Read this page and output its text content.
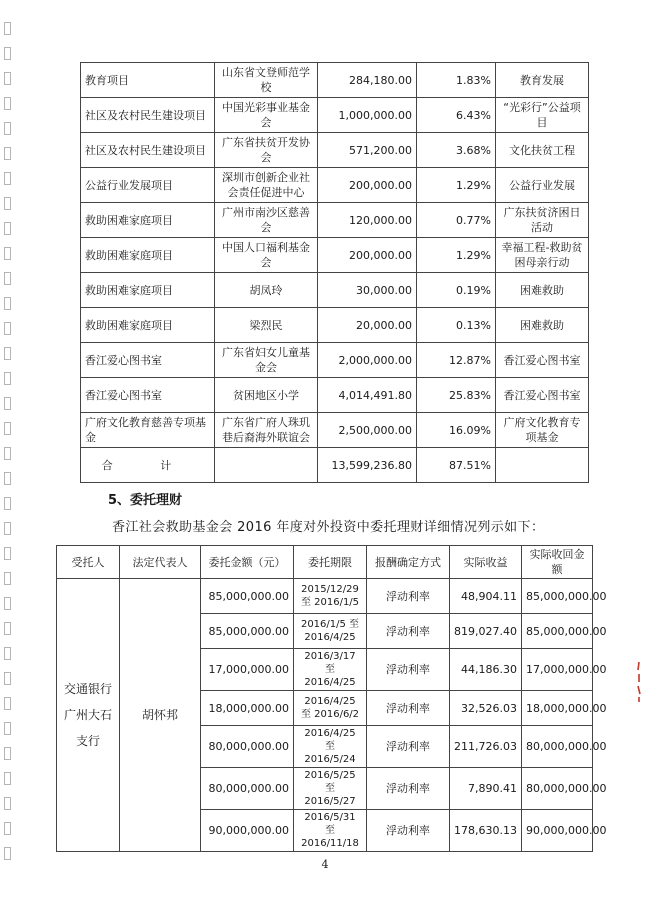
教育项目	山东省文登师范学校	284,180.00	1.83%	教育发展
社区及农村民生建设项目	中国光彩事业基金会	1,000,000.00	6.43%	“光彩行”公益项目
社区及农村民生建设项目	广东省扶贫开发协会	571,200.00	3.68%	文化扶贫工程
公益行业发展项目	深圳市创新企业社会责任促进中心	200,000.00	1.29%	公益行业发展
救助困难家庭项目	广州市南沙区慈善会	120,000.00	0.77%	广东扶贫济困日活动
救助困难家庭项目	中国人口福利基金会	200,000.00	1.29%	幸福工程-救助贫困母亲行动
救助困难家庭项目	胡凤玲	30,000.00	0.19%	困难救助
救助困难家庭项目	梁烈民	20,000.00	0.13%	困难救助
香江爱心图书室	广东省妇女儿童基金会	2,000,000.00	12.87%	香江爱心图书室
香江爱心图书室	贫困地区小学	4,014,491.80	25.83%	香江爱心图书室
广府文化教育慈善专项基金	广东省广府人珠玑巷后裔海外联谊会	2,500,000.00	16.09%	广府文化教育专项基金
合 计		13,599,236.80	87.51%	
5、委托理财
香江社会救助基金会 2016 年度对外投资中委托理财详细情况列示如下：
受托人	法定代表人	委托金额（元）	委托期限	报酬确定方式	实际收益	实际收回金额
交通银行广州大石支行	胡怀邦	85,000,000.00	2015/12/29 至 2016/1/5	浮动利率	48,904.11	85,000,000.00
		85,000,000.00	2016/1/5 至 2016/4/25	浮动利率	819,027.40	85,000,000.00
		17,000,000.00	2016/3/17 至 2016/4/25	浮动利率	44,186.30	17,000,000.00
		18,000,000.00	2016/4/25 至 2016/6/2	浮动利率	32,526.03	18,000,000.00
		80,000,000.00	2016/4/25 至 2016/5/24	浮动利率	211,726.03	80,000,000.00
		80,000,000.00	2016/5/25 至 2016/5/27	浮动利率	7,890.41	80,000,000.00
		90,000,000.00	2016/5/31 至 2016/11/18	浮动利率	178,630.13	90,000,000.00
4
